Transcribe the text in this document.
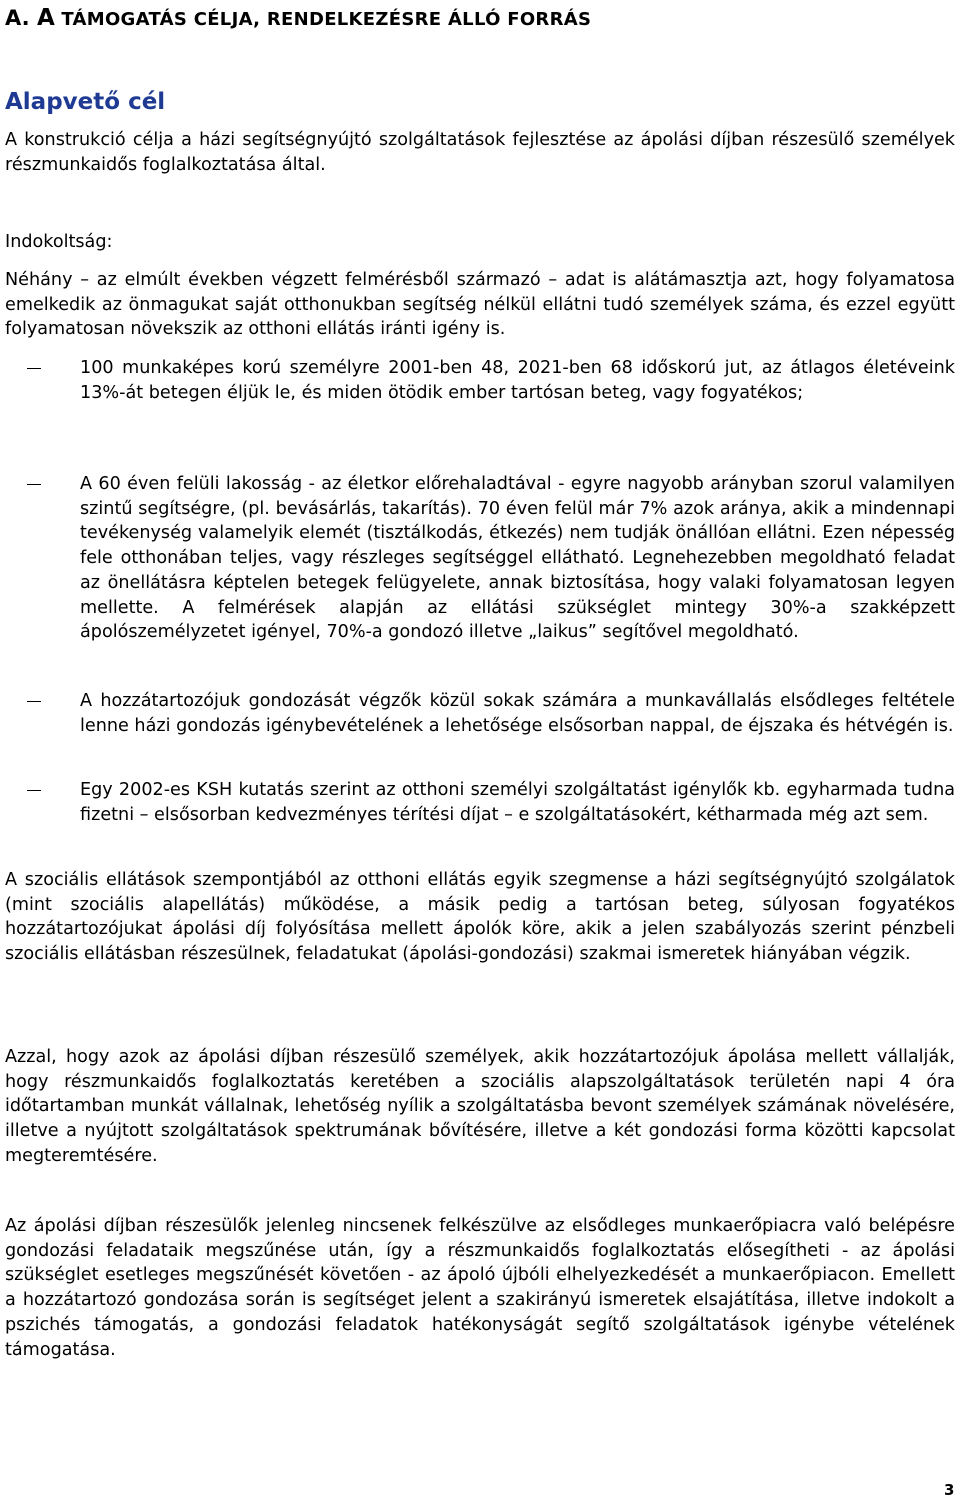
A. A TÁMOGATÁS CÉLJA, RENDELKEZÉSRE ÁLLÓ FORRÁS
Alapvető cél

A konstrukció célja a házi segítségnyújtó szolgáltatások fejlesztése az ápolási díjban részesülő személyek részmunkaidős foglalkoztatása által.

Indokoltság:

Néhány – az elmúlt években végzett felmérésből származó – adat is alátámasztja azt, hogy folyamatosa emelkedik az önmagukat saját otthonukban segítség nélkül ellátni tudó személyek száma, és ezzel együtt folyamatosan növekszik az otthoni ellátás iránti igény is.

100 munkaképes korú személyre 2001-ben 48, 2021-ben 68 időskorú jut, az átlagos életéveink 13%-át betegen éljük le, és miden ötödik ember tartósan beteg, vagy fogyatékos;

A 60 éven felüli lakosság - az életkor előrehaladtával - egyre nagyobb arányban szorul valamilyen szintű segítségre, (pl. bevásárlás, takarítás). 70 éven felül már 7% azok aránya, akik a mindennapi tevékenység valamelyik elemét (tisztálkodás, étkezés) nem tudják önállóan ellátni. Ezen népesség fele otthonában teljes, vagy részleges segítséggel ellátható. Legnehezebben megoldható feladat az önellátásra képtelen betegek felügyelete, annak biztosítása, hogy valaki folyamatosan legyen mellette. A felmérések alapján az ellátási szükséglet mintegy 30%-a szakképzett ápolószemélyzetet igényel, 70%-a gondozó illetve „laikus” segítővel megoldható.

A hozzátartozójuk gondozását végzők közül sokak számára a munkavállalás elsődleges feltétele lenne házi gondozás igénybevételének a lehetősége elsősorban nappal, de éjszaka és hétvégén is.

Egy 2002-es KSH kutatás szerint az otthoni személyi szolgáltatást igénylők kb. egyharmada tudna fizetni – elsősorban kedvezményes térítési díjat – e szolgáltatásokért, kétharmada még azt sem.

A szociális ellátások szempontjából az otthoni ellátás egyik szegmense a házi segítségnyújtó szolgálatok (mint szociális alapellátás) működése, a másik pedig a tartósan beteg, súlyosan fogyatékos hozzátartozójukat ápolási díj folyósítása mellett ápolók köre, akik a jelen szabályozás szerint pénzbeli szociális ellátásban részesülnek, feladatukat (ápolási-gondozási) szakmai ismeretek hiányában végzik.

Azzal, hogy azok az ápolási díjban részesülő személyek, akik hozzátartozójuk ápolása mellett vállalják, hogy részmunkaidős foglalkoztatás keretében a szociális alapszolgáltatások területén napi 4 óra időtartamban munkát vállalnak, lehetőség nyílik a szolgáltatásba bevont személyek számának növelésére, illetve a nyújtott szolgáltatások spektrumának bővítésére, illetve a két gondozási forma közötti kapcsolat megteremtésére.

Az ápolási díjban részesülők jelenleg nincsenek felkészülve az elsődleges munkaerőpiacra való belépésre gondozási feladataik megszűnése után, így a részmunkaidős foglalkoztatás elősegítheti - az ápolási szükséglet esetleges megszűnését követően - az ápoló újbóli elhelyezkedését a munkaerőpiacon. Emellett a hozzátartozó gondozása során is segítséget jelent a szakirányú ismeretek elsajátítása, illetve indokolt a pszichés támogatás, a gondozási feladatok hatékonyságát segítő szolgáltatások igénybe vételének támogatása.

3
